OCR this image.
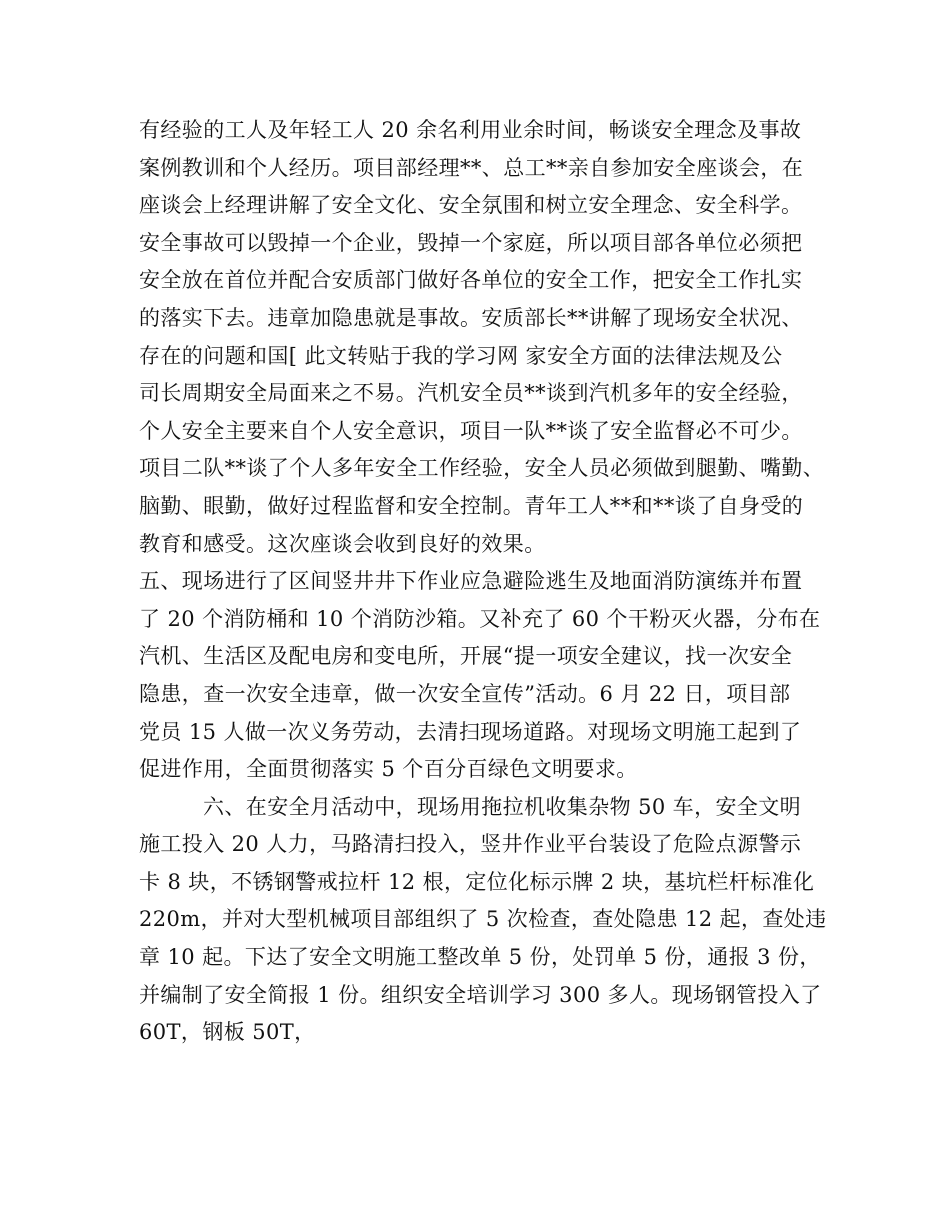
有经验的工人及年轻工人 20 余名利用业余时间，畅谈安全理念及事故
案例教训和个人经历。项目部经理**、总工**亲自参加安全座谈会，在
座谈会上经理讲解了安全文化、安全氛围和树立安全理念、安全科学。
安全事故可以毁掉一个企业，毁掉一个家庭，所以项目部各单位必须把
安全放在首位并配合安质部门做好各单位的安全工作，把安全工作扎实
的落实下去。违章加隐患就是事故。安质部长**讲解了现场安全状况、
存在的问题和国[ 此文转贴于我的学习网 家安全方面的法律法规及公
司长周期安全局面来之不易。汽机安全员**谈到汽机多年的安全经验，
个人安全主要来自个人安全意识，项目一队**谈了安全监督必不可少。
项目二队**谈了个人多年安全工作经验，安全人员必须做到腿勤、嘴勤、
脑勤、眼勤，做好过程监督和安全控制。青年工人**和**谈了自身受的
教育和感受。这次座谈会收到良好的效果。
五、现场进行了区间竖井井下作业应急避险逃生及地面消防演练并布置
了 20 个消防桶和 10 个消防沙箱。又补充了 60 个干粉灭火器，分布在
汽机、生活区及配电房和变电所，开展“提一项安全建议，找一次安全
隐患，查一次安全违章，做一次安全宣传”活动。6 月 22 日，项目部
党员 15 人做一次义务劳动，去清扫现场道路。对现场文明施工起到了
促进作用，全面贯彻落实 5 个百分百绿色文明要求。
六、在安全月活动中，现场用拖拉机收集杂物 50 车，安全文明
施工投入 20 人力，马路清扫投入，竖井作业平台装设了危险点源警示
卡 8 块，不锈钢警戒拉杆 12 根，定位化标示牌 2 块，基坑栏杆标准化
220m，并对大型机械项目部组织了 5 次检查，查处隐患 12 起，查处违
章 10 起。下达了安全文明施工整改单 5 份，处罚单 5 份，通报 3 份，
并编制了安全简报 1 份。组织安全培训学习 300 多人。现场钢管投入了
60T，钢板 50T，
